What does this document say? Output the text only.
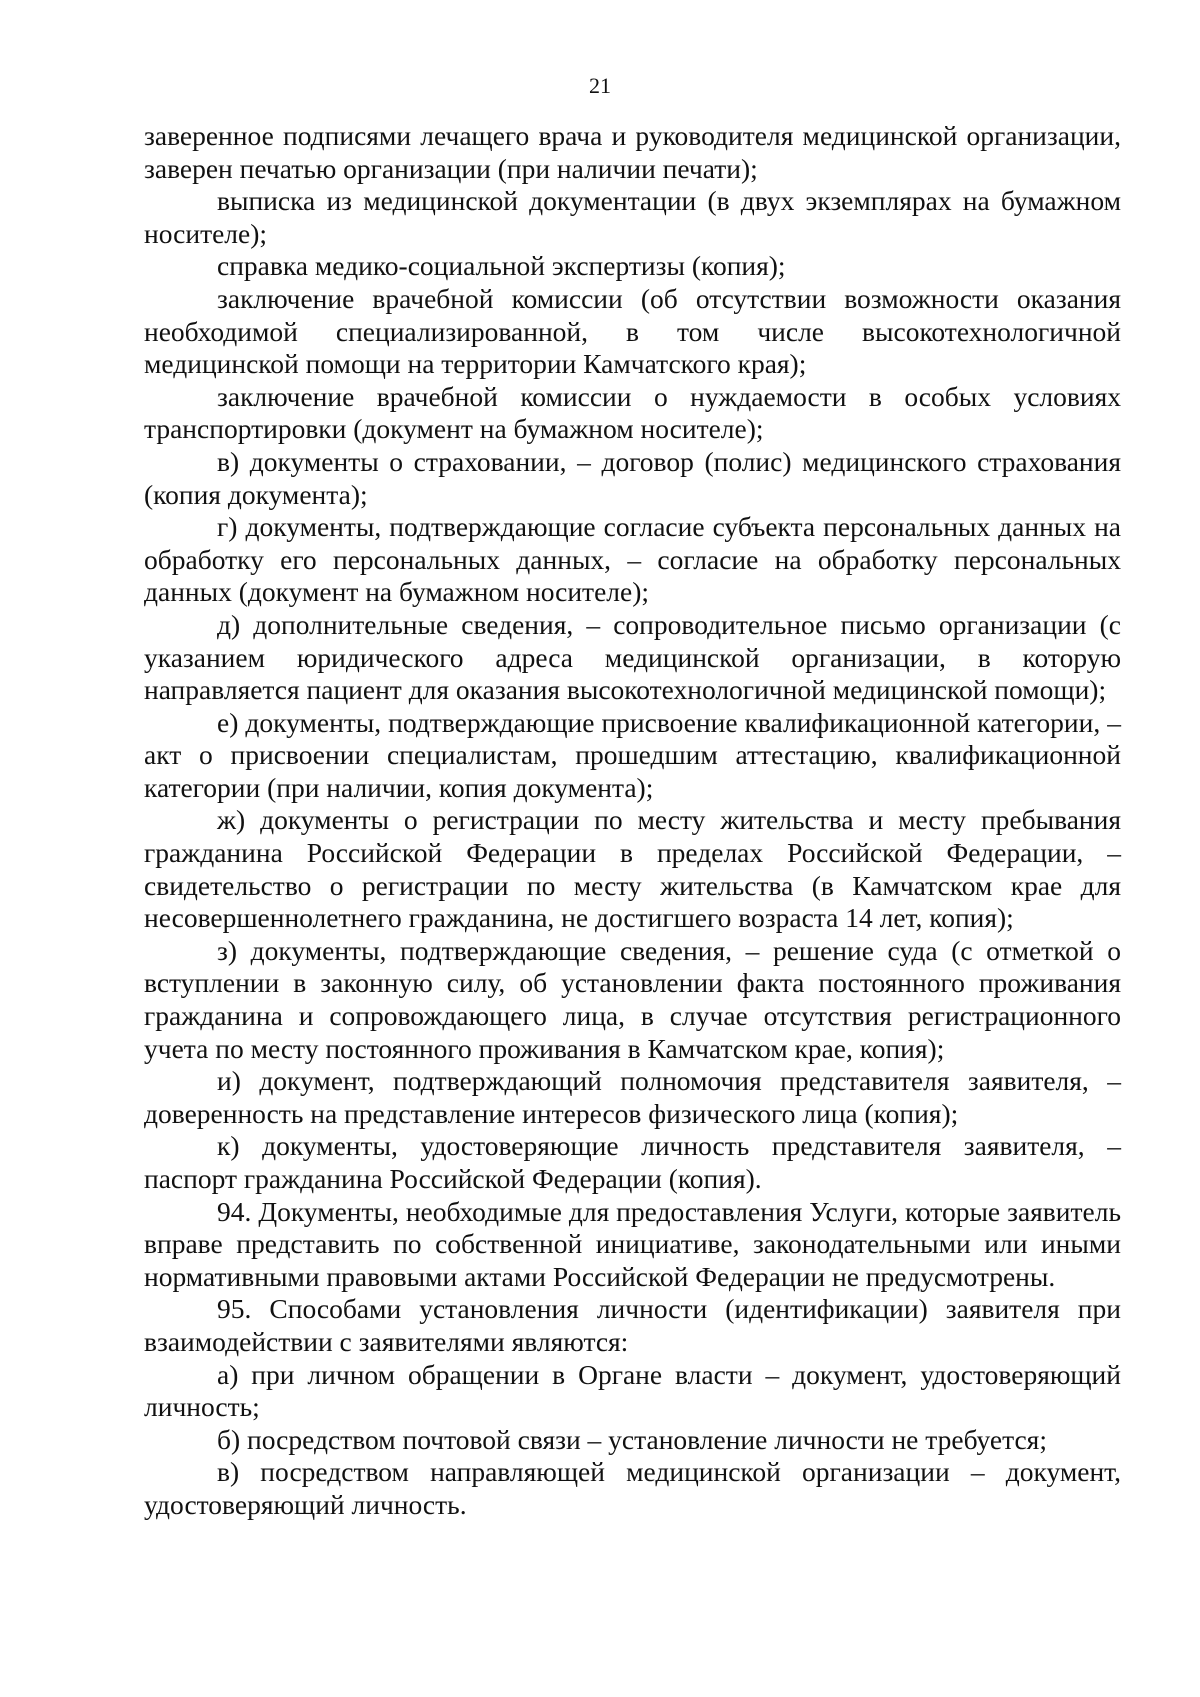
21

заверенное подписями лечащего врача и руководителя медицинской организации, заверен печатью организации (при наличии печати);

выписка из медицинской документации (в двух экземплярах на бумажном носителе);

справка медико-социальной экспертизы (копия);

заключение врачебной комиссии (об отсутствии возможности оказания необходимой специализированной, в том числе высокотехнологичной медицинской помощи на территории Камчатского края);

заключение врачебной комиссии о нуждаемости в особых условиях транспортировки (документ на бумажном носителе);

в) документы о страховании, – договор (полис) медицинского страхования (копия документа);

г) документы, подтверждающие согласие субъекта персональных данных на обработку его персональных данных, – согласие на обработку персональных данных (документ на бумажном носителе);

д) дополнительные сведения, – сопроводительное письмо организации (с указанием юридического адреса медицинской организации, в которую направляется пациент для оказания высокотехнологичной медицинской помощи);

е) документы, подтверждающие присвоение квалификационной категории, – акт о присвоении специалистам, прошедшим аттестацию, квалификационной категории (при наличии, копия документа);

ж) документы о регистрации по месту жительства и месту пребывания гражданина Российской Федерации в пределах Российской Федерации, – свидетельство о регистрации по месту жительства (в Камчатском крае для несовершеннолетнего гражданина, не достигшего возраста 14 лет, копия);

з) документы, подтверждающие сведения, – решение суда (с отметкой о вступлении в законную силу, об установлении факта постоянного проживания гражданина и сопровождающего лица, в случае отсутствия регистрационного учета по месту постоянного проживания в Камчатском крае, копия);

и) документ, подтверждающий полномочия представителя заявителя, – доверенность на представление интересов физического лица (копия);

к) документы, удостоверяющие личность представителя заявителя, – паспорт гражданина Российской Федерации (копия).

94. Документы, необходимые для предоставления Услуги, которые заявитель вправе представить по собственной инициативе, законодательными или иными нормативными правовыми актами Российской Федерации не предусмотрены.

95. Способами установления личности (идентификации) заявителя при взаимодействии с заявителями являются:

а) при личном обращении в Органе власти – документ, удостоверяющий личность;

б) посредством почтовой связи – установление личности не требуется;

в) посредством направляющей медицинской организации – документ, удостоверяющий личность.
